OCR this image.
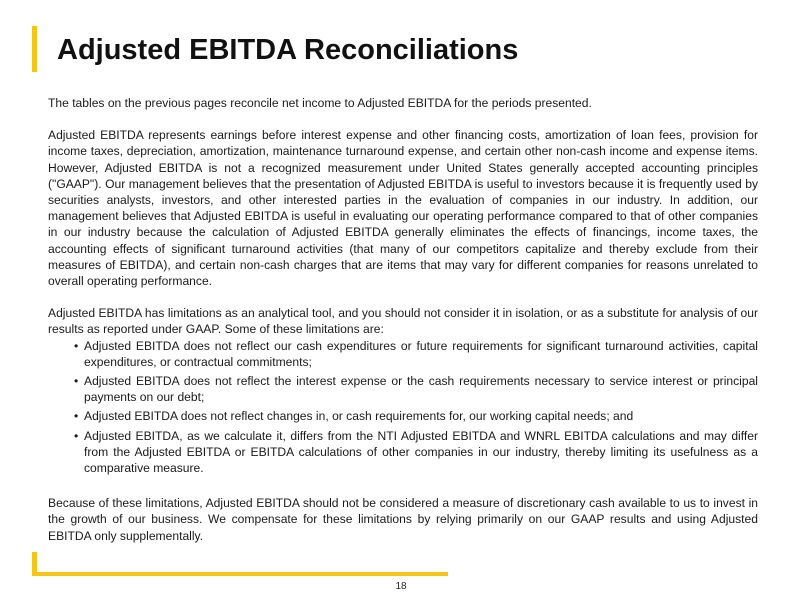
Adjusted EBITDA Reconciliations

The tables on the previous pages reconcile net income to Adjusted EBITDA for the periods presented.

Adjusted EBITDA represents earnings before interest expense and other financing costs, amortization of loan fees, provision for income taxes, depreciation, amortization, maintenance turnaround expense, and certain other non-cash income and expense items. However, Adjusted EBITDA is not a recognized measurement under United States generally accepted accounting principles ("GAAP"). Our management believes that the presentation of Adjusted EBITDA is useful to investors because it is frequently used by securities analysts, investors, and other interested parties in the evaluation of companies in our industry. In addition, our management believes that Adjusted EBITDA is useful in evaluating our operating performance compared to that of other companies in our industry because the calculation of Adjusted EBITDA generally eliminates the effects of financings, income taxes, the accounting effects of significant turnaround activities (that many of our competitors capitalize and thereby exclude from their measures of EBITDA), and certain non-cash charges that are items that may vary for different companies for reasons unrelated to overall operating performance.

Adjusted EBITDA has limitations as an analytical tool, and you should not consider it in isolation, or as a substitute for analysis of our results as reported under GAAP. Some of these limitations are:

• Adjusted EBITDA does not reflect our cash expenditures or future requirements for significant turnaround activities, capital expenditures, or contractual commitments;
• Adjusted EBITDA does not reflect the interest expense or the cash requirements necessary to service interest or principal payments on our debt;
• Adjusted EBITDA does not reflect changes in, or cash requirements for, our working capital needs; and
• Adjusted EBITDA, as we calculate it, differs from the NTI Adjusted EBITDA and WNRL EBITDA calculations and may differ from the Adjusted EBITDA or EBITDA calculations of other companies in our industry, thereby limiting its usefulness as a comparative measure.

Because of these limitations, Adjusted EBITDA should not be considered a measure of discretionary cash available to us to invest in the growth of our business. We compensate for these limitations by relying primarily on our GAAP results and using Adjusted EBITDA only supplementally.

18
